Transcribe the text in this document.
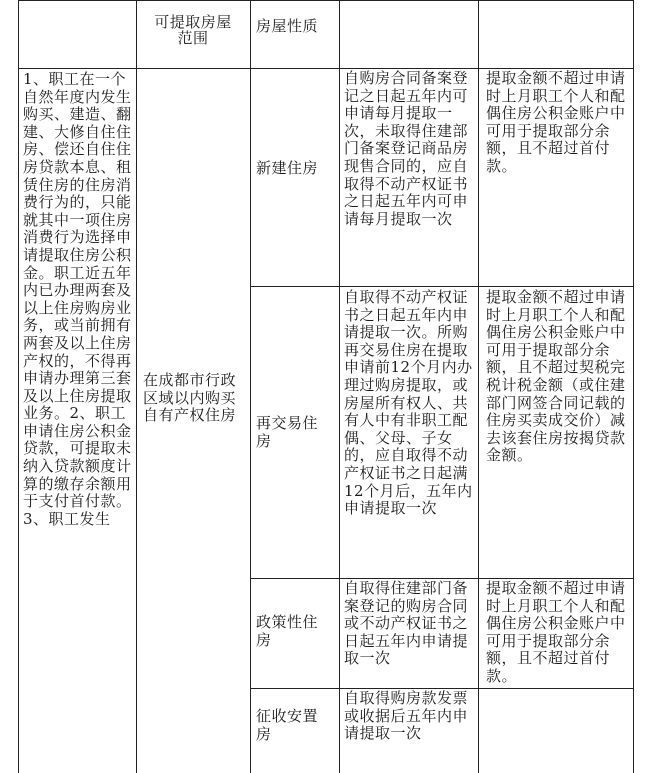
可提取房屋
范围
房屋性质
1、职工在一个自然年度内发生购买、建造、翻建、大修自住住房、偿还自住住房贷款本息、租赁住房的住房消费行为的，只能就其中一项住房消费行为选择申请提取住房公积金。职工近五年内已办理两套及以上住房购房业务，或当前拥有两套及以上住房产权的，不得再申请办理第三套及以上住房提取业务。2、职工申请住房公积金贷款，可提取未纳入贷款额度计算的缴存余额用于支付首付款。3、职工发生
在成都市行政区域以内购买自有产权住房
新建住房
自购房合同备案登记之日起五年内可申请每月提取一次，未取得住建部门备案登记商品房现售合同的，应自取得不动产权证书之日起五年内可申请每月提取一次
提取金额不超过申请时上月职工个人和配偶住房公积金账户中可用于提取部分余额，且不超过首付款。
再交易住房
自取得不动产权证书之日起五年内申请提取一次。所购再交易住房在提取申请前12个月内办理过购房提取，或房屋所有权人、共有人中有非职工配偶、父母、子女的，应自取得不动产权证书之日起满12个月后，五年内申请提取一次
提取金额不超过申请时上月职工个人和配偶住房公积金账户中可用于提取部分余额，且不超过契税完税计税金额（或住建部门网签合同记载的住房买卖成交价）减去该套住房按揭贷款金额。
政策性住房
自取得住建部门备案登记的购房合同或不动产权证书之日起五年内申请提取一次
提取金额不超过申请时上月职工个人和配偶住房公积金账户中可用于提取部分余额，且不超过首付款。
征收安置房
自取得购房款发票或收据后五年内申请提取一次
